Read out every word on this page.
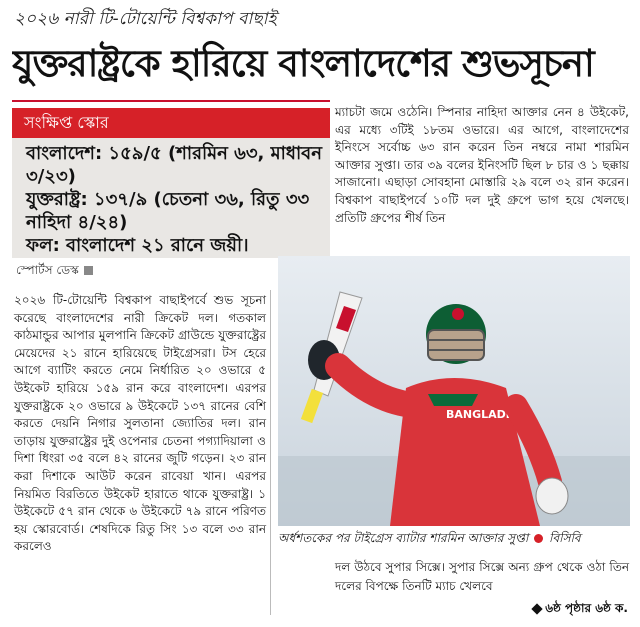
২০২৬ নারী টি-টোয়েন্টি বিশ্বকাপ বাছাই
যুক্তরাষ্ট্রকে হারিয়ে বাংলাদেশের শুভসূচনা
সংক্ষিপ্ত স্কোর
বাংলাদেশ: ১৫৯/৫ (শারমিন ৬৩, মাধাবন ৩/২৩)
যুক্তরাষ্ট্র: ১৩৭/৯ (চেতনা ৩৬, রিতু ৩৩ নাহিদা ৪/২৪)
ফল: বাংলাদেশ ২১ রানে জয়ী।
স্পোর্টস ডেস্ক
২০২৬ টি-টোয়েন্টি বিশ্বকাপ বাছাইপর্বে শুভ সূচনা করেছে বাংলাদেশের নারী ক্রিকেট দল। গতকাল কাঠমান্ডুর আপার মুলপানি ক্রিকেট গ্রাউন্ডে যুক্তরাষ্ট্রের মেয়েদের ২১ রানে হারিয়েছে টাইগ্রেসরা। টস হেরে আগে ব্যাটিং করতে নেমে নির্ধারিত ২০ ওভারে ৫ উইকেট হারিয়ে ১৫৯ রান করে বাংলাদেশ। এরপর যুক্তরাষ্ট্রকে ২০ ওভারে ৯ উইকেটে ১৩৭ রানের বেশি করতে দেয়নি নিগার সুলতানা জ্যোতির দল। রান তাড়ায় যুক্তরাষ্ট্রের দুই ওপেনার চেতনা পগ্যাদিয়ালা ও দিশা ধিংরা ৩৫ বলে ৪২ রানের জুটি গড়েন। ২৩ রান করা দিশাকে আউট করেন রাবেয়া খান। এরপর নিয়মিত বিরতিতে উইকেট হারাতে থাকে যুক্তরাষ্ট্র। ১ উইকেটে ৫৭ রান থেকে ৬ উইকেটে ৭৯ রানে পরিণত হয় স্কোরবোর্ড। শেষদিকে রিতু সিং ১৩ বলে ৩৩ রান করলেও
ম্যাচটা জমে ওঠেনি। স্পিনার নাহিদা আক্তার নেন ৪ উইকেট, এর মধ্যে ৩টিই ১৮তম ওভারে। এর আগে, বাংলাদেশের ইনিংসে সর্বোচ্চ ৬৩ রান করেন তিন নম্বরে নামা শারমিন আক্তার সুপ্তা। তার ৩৯ বলের ইনিংসটি ছিল ৮ চার ও ১ ছক্কায় সাজানো। এছাড়া সোবহানা মোস্তারি ২৯ বলে ৩২ রান করেন। বিশ্বকাপ বাছাইপর্বে ১০টি দল দুই গ্রুপে ভাগ হয়ে খেলছে। প্রতিটি গ্রুপের শীর্ষ তিন
BANGLADESH
অর্ধশতকের পর টাইগ্রেস ব্যাটার শারমিন আক্তার সুপ্তা বিসিবি
দল উঠবে সুপার সিক্সে। সুপার সিক্সে অন্য গ্রুপ থেকে ওঠা তিন দলের বিপক্ষে তিনটি ম্যাচ খেলবে
৬ষ্ঠ পৃষ্ঠার ৬ষ্ঠ ক.
